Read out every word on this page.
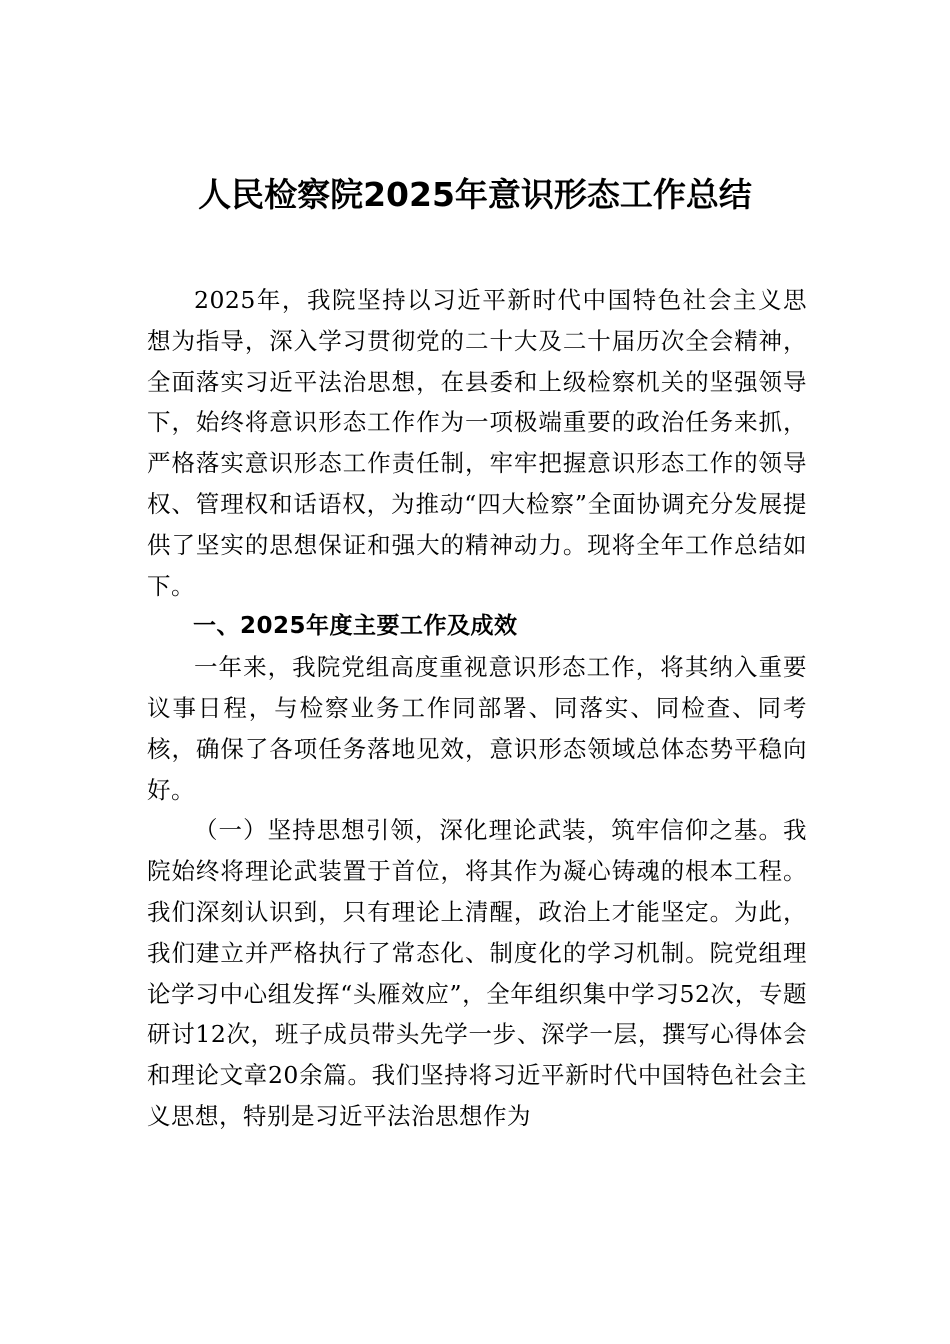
人民检察院2025年意识形态工作总结

2025年，我院坚持以习近平新时代中国特色社会主义思想为指导，深入学习贯彻党的二十大及二十届历次全会精神，全面落实习近平法治思想，在县委和上级检察机关的坚强领导下，始终将意识形态工作作为一项极端重要的政治任务来抓，严格落实意识形态工作责任制，牢牢把握意识形态工作的领导权、管理权和话语权，为推动“四大检察”全面协调充分发展提供了坚实的思想保证和强大的精神动力。现将全年工作总结如下。

一、2025年度主要工作及成效

一年来，我院党组高度重视意识形态工作，将其纳入重要议事日程，与检察业务工作同部署、同落实、同检查、同考核，确保了各项任务落地见效，意识形态领域总体态势平稳向好。

（一）坚持思想引领，深化理论武装，筑牢信仰之基。我院始终将理论武装置于首位，将其作为凝心铸魂的根本工程。我们深刻认识到，只有理论上清醒，政治上才能坚定。为此，我们建立并严格执行了常态化、制度化的学习机制。院党组理论学习中心组发挥“头雁效应”，全年组织集中学习52次，专题研讨12次，班子成员带头先学一步、深学一层，撰写心得体会和理论文章20余篇。我们坚持将习近平新时代中国特色社会主义思想，特别是习近平法治思想作为
